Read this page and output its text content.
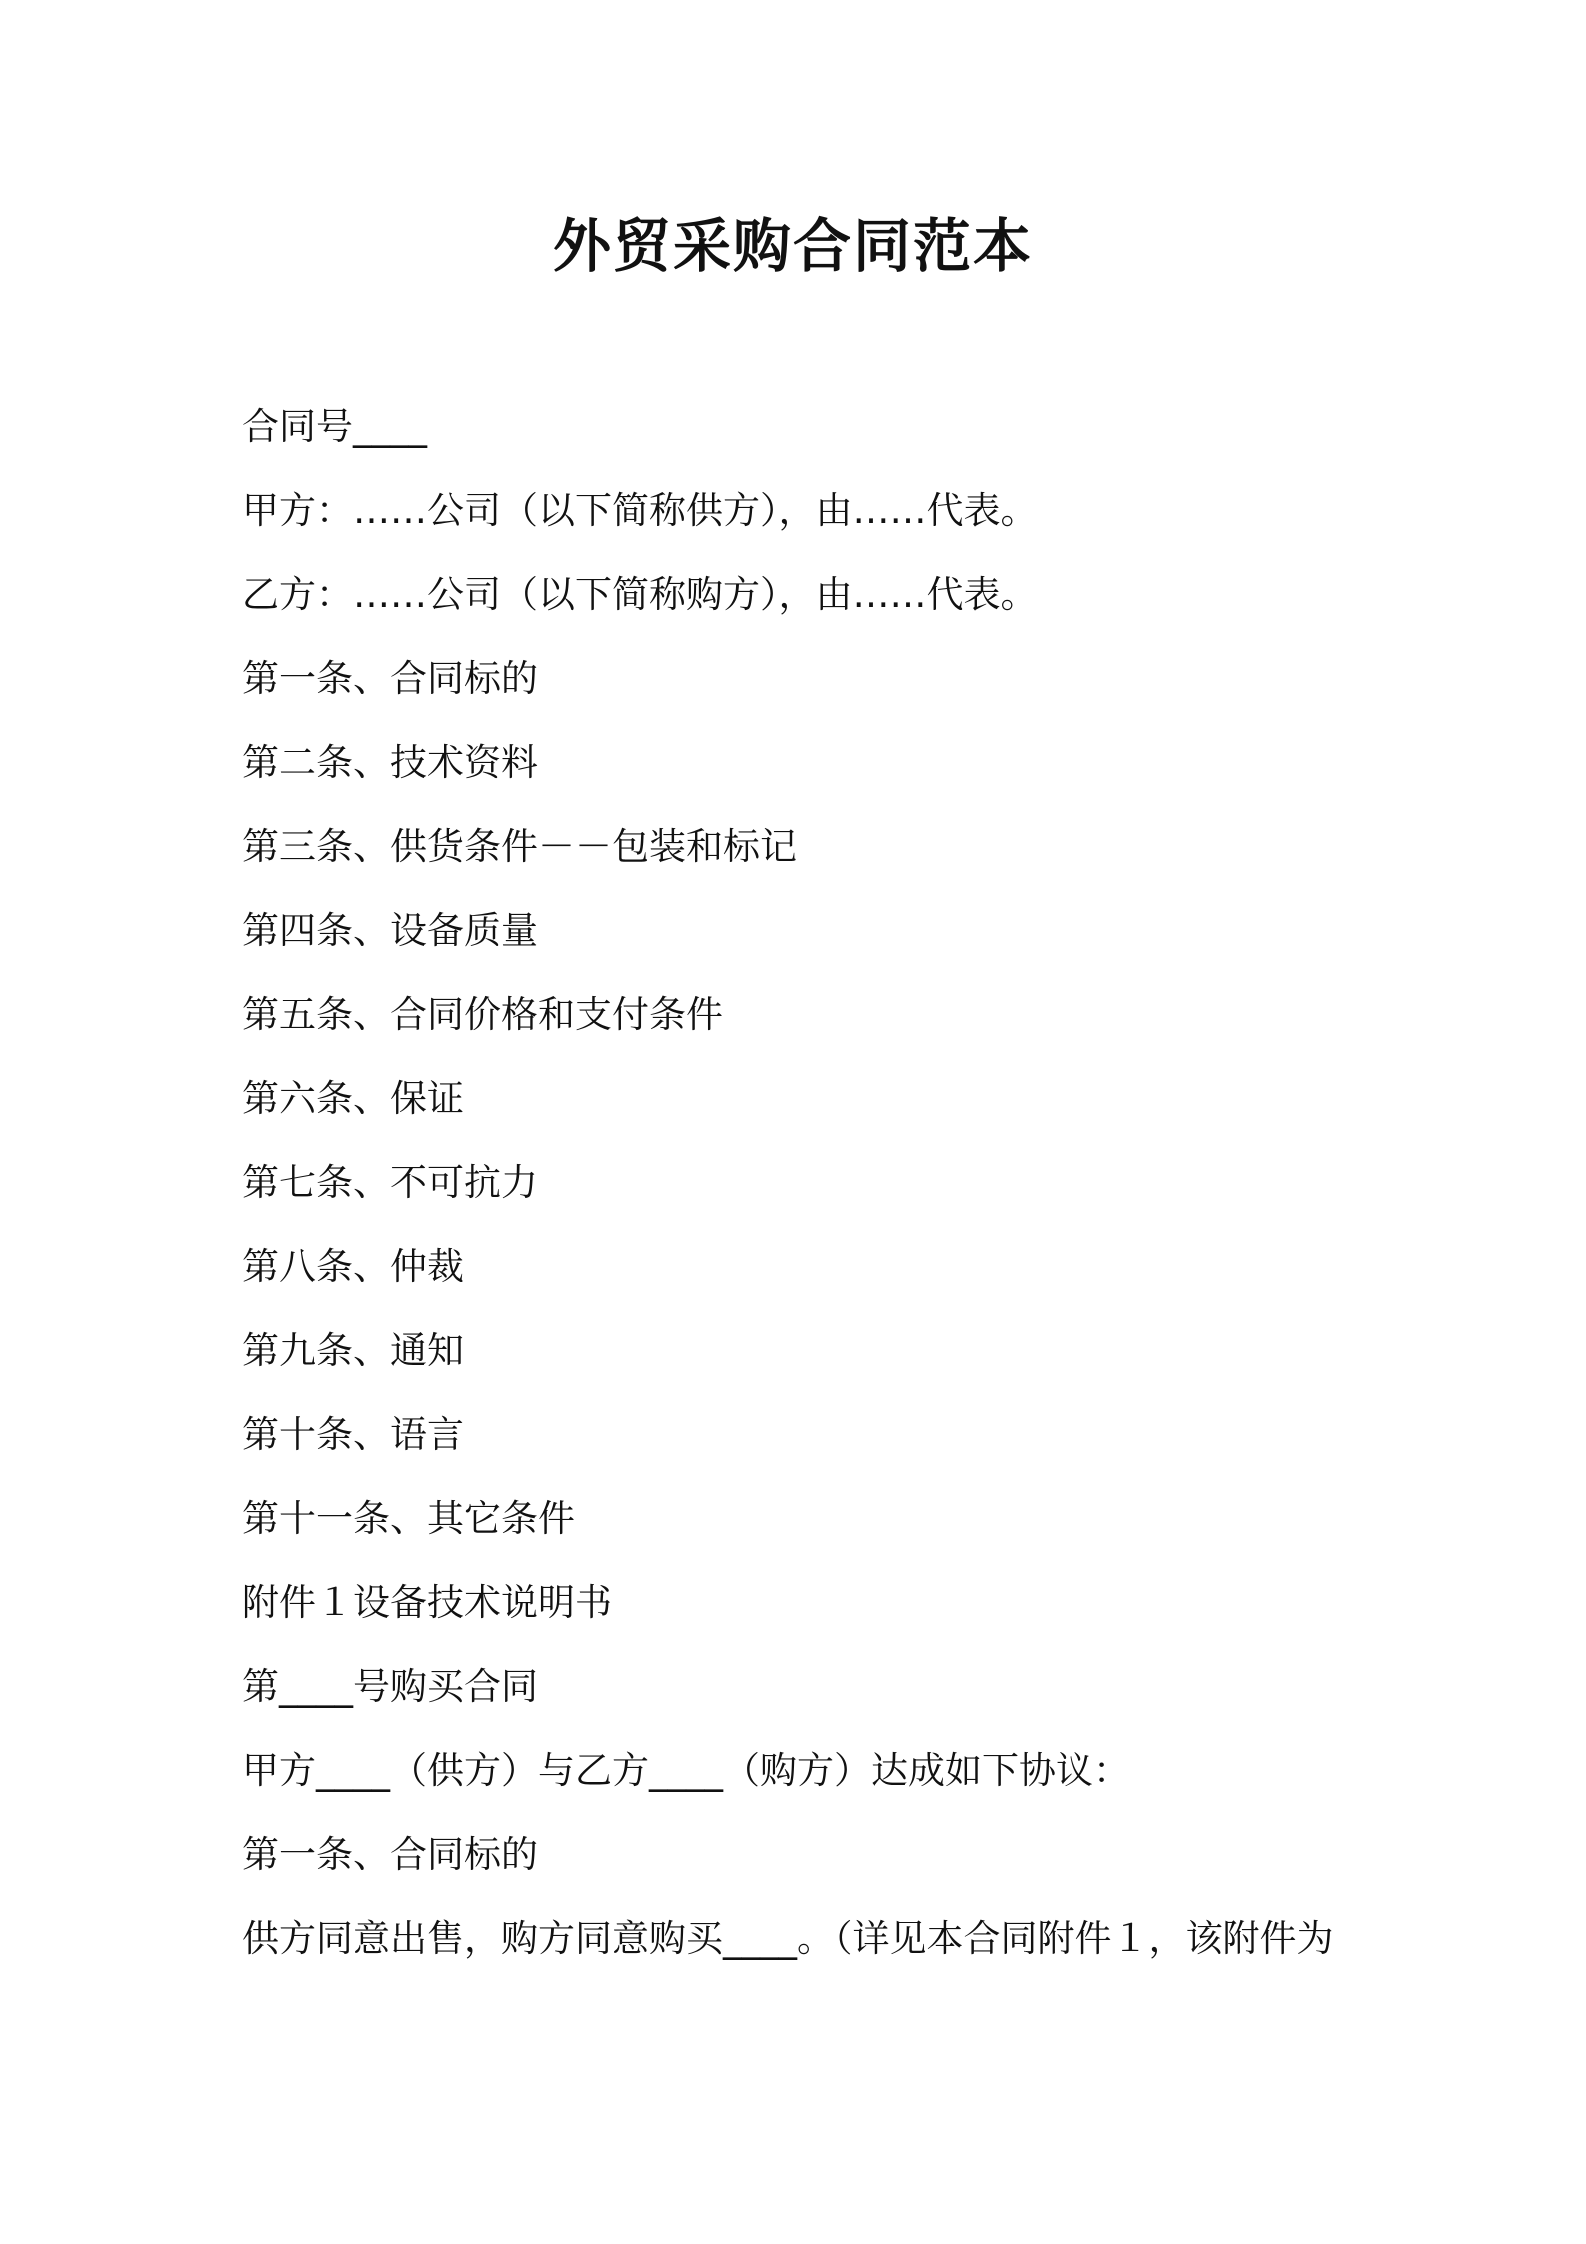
外贸采购合同范本

合同号____

甲方：……公司（以下简称供方），由……代表。

乙方：……公司（以下简称购方），由……代表。

第一条、合同标的

第二条、技术资料

第三条、供货条件－－包装和标记

第四条、设备质量

第五条、合同价格和支付条件

第六条、保证

第七条、不可抗力

第八条、仲裁

第九条、通知

第十条、语言

第十一条、其它条件

附件１设备技术说明书

第____号购买合同

甲方____（供方）与乙方____（购方）达成如下协议：

第一条、合同标的

供方同意出售，购方同意购买____。（详见本合同附件１，该附件为
